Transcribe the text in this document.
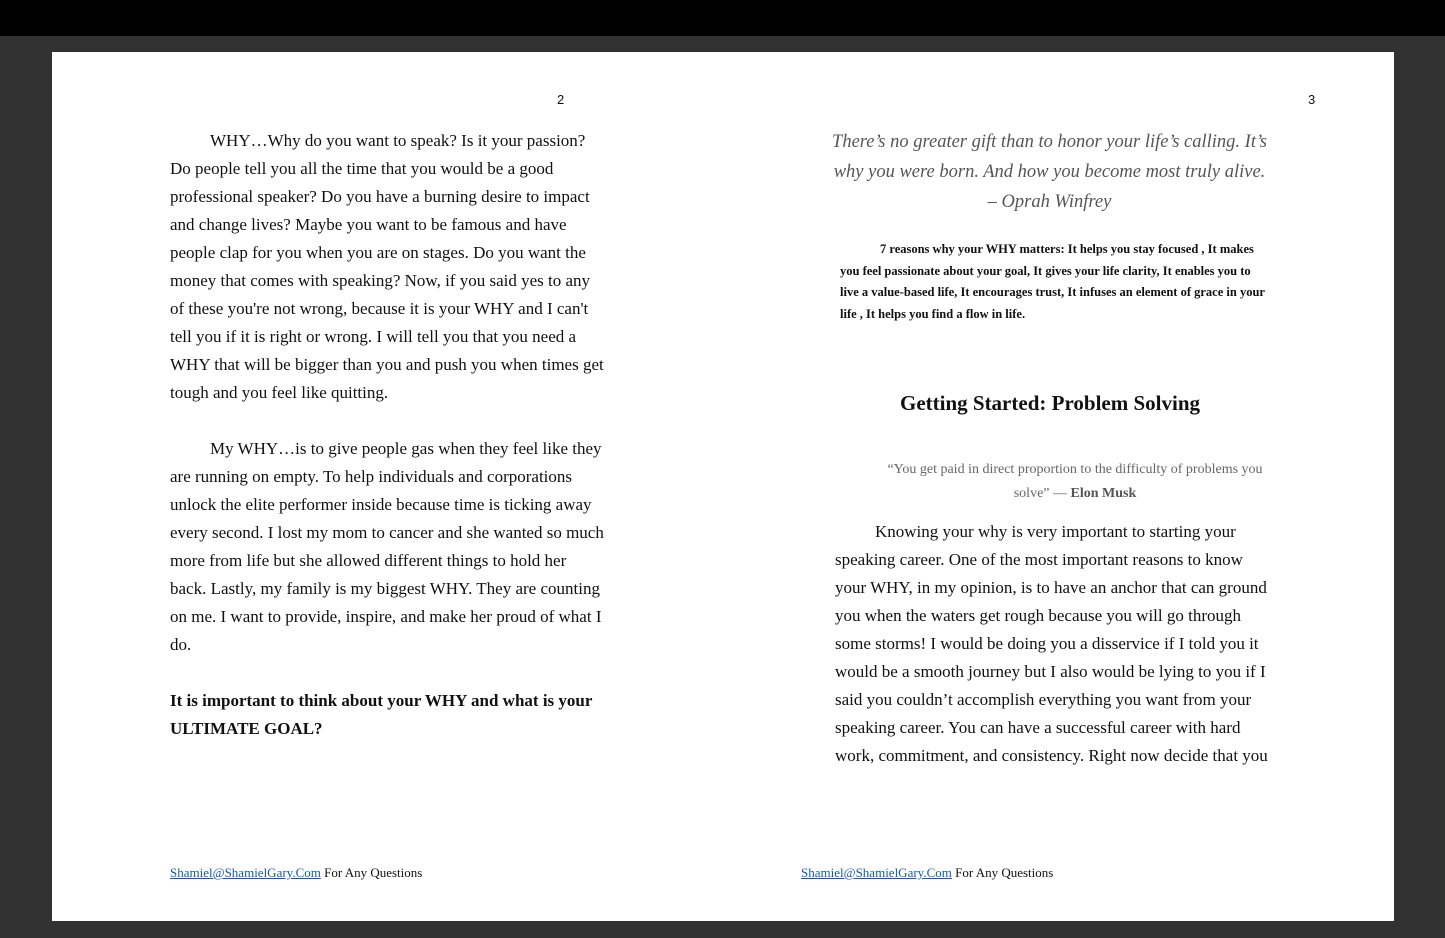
2

WHY…Why do you want to speak? Is it your passion? Do people tell you all the time that you would be a good professional speaker? Do you have a burning desire to impact and change lives? Maybe you want to be famous and have people clap for you when you are on stages. Do you want the money that comes with speaking? Now, if you said yes to any of these you're not wrong, because it is your WHY and I can't tell you if it is right or wrong. I will tell you that you need a WHY that will be bigger than you and push you when times get tough and you feel like quitting.

My WHY…is to give people gas when they feel like they are running on empty. To help individuals and corporations unlock the elite performer inside because time is ticking away every second. I lost my mom to cancer and she wanted so much more from life but she allowed different things to hold her back. Lastly, my family is my biggest WHY. They are counting on me. I want to provide, inspire, and make her proud of what I do.

It is important to think about your WHY and what is your ULTIMATE GOAL?

Shamiel@ShamielGary.Com For Any Questions
3

There’s no greater gift than to honor your life’s calling. It’s why you were born. And how you become most truly alive. – Oprah Winfrey

7 reasons why your WHY matters: It helps you stay focused , It makes you feel passionate about your goal, It gives your life clarity, It enables you to live a value-based life, It encourages trust, It infuses an element of grace in your life , It helps you find a flow in life.

Getting Started: Problem Solving

“You get paid in direct proportion to the difficulty of problems you solve” — Elon Musk

Knowing your why is very important to starting your speaking career. One of the most important reasons to know your WHY, in my opinion, is to have an anchor that can ground you when the waters get rough because you will go through some storms! I would be doing you a disservice if I told you it would be a smooth journey but I also would be lying to you if I said you couldn’t accomplish everything you want from your speaking career. You can have a successful career with hard work, commitment, and consistency. Right now decide that you

Shamiel@ShamielGary.Com For Any Questions
